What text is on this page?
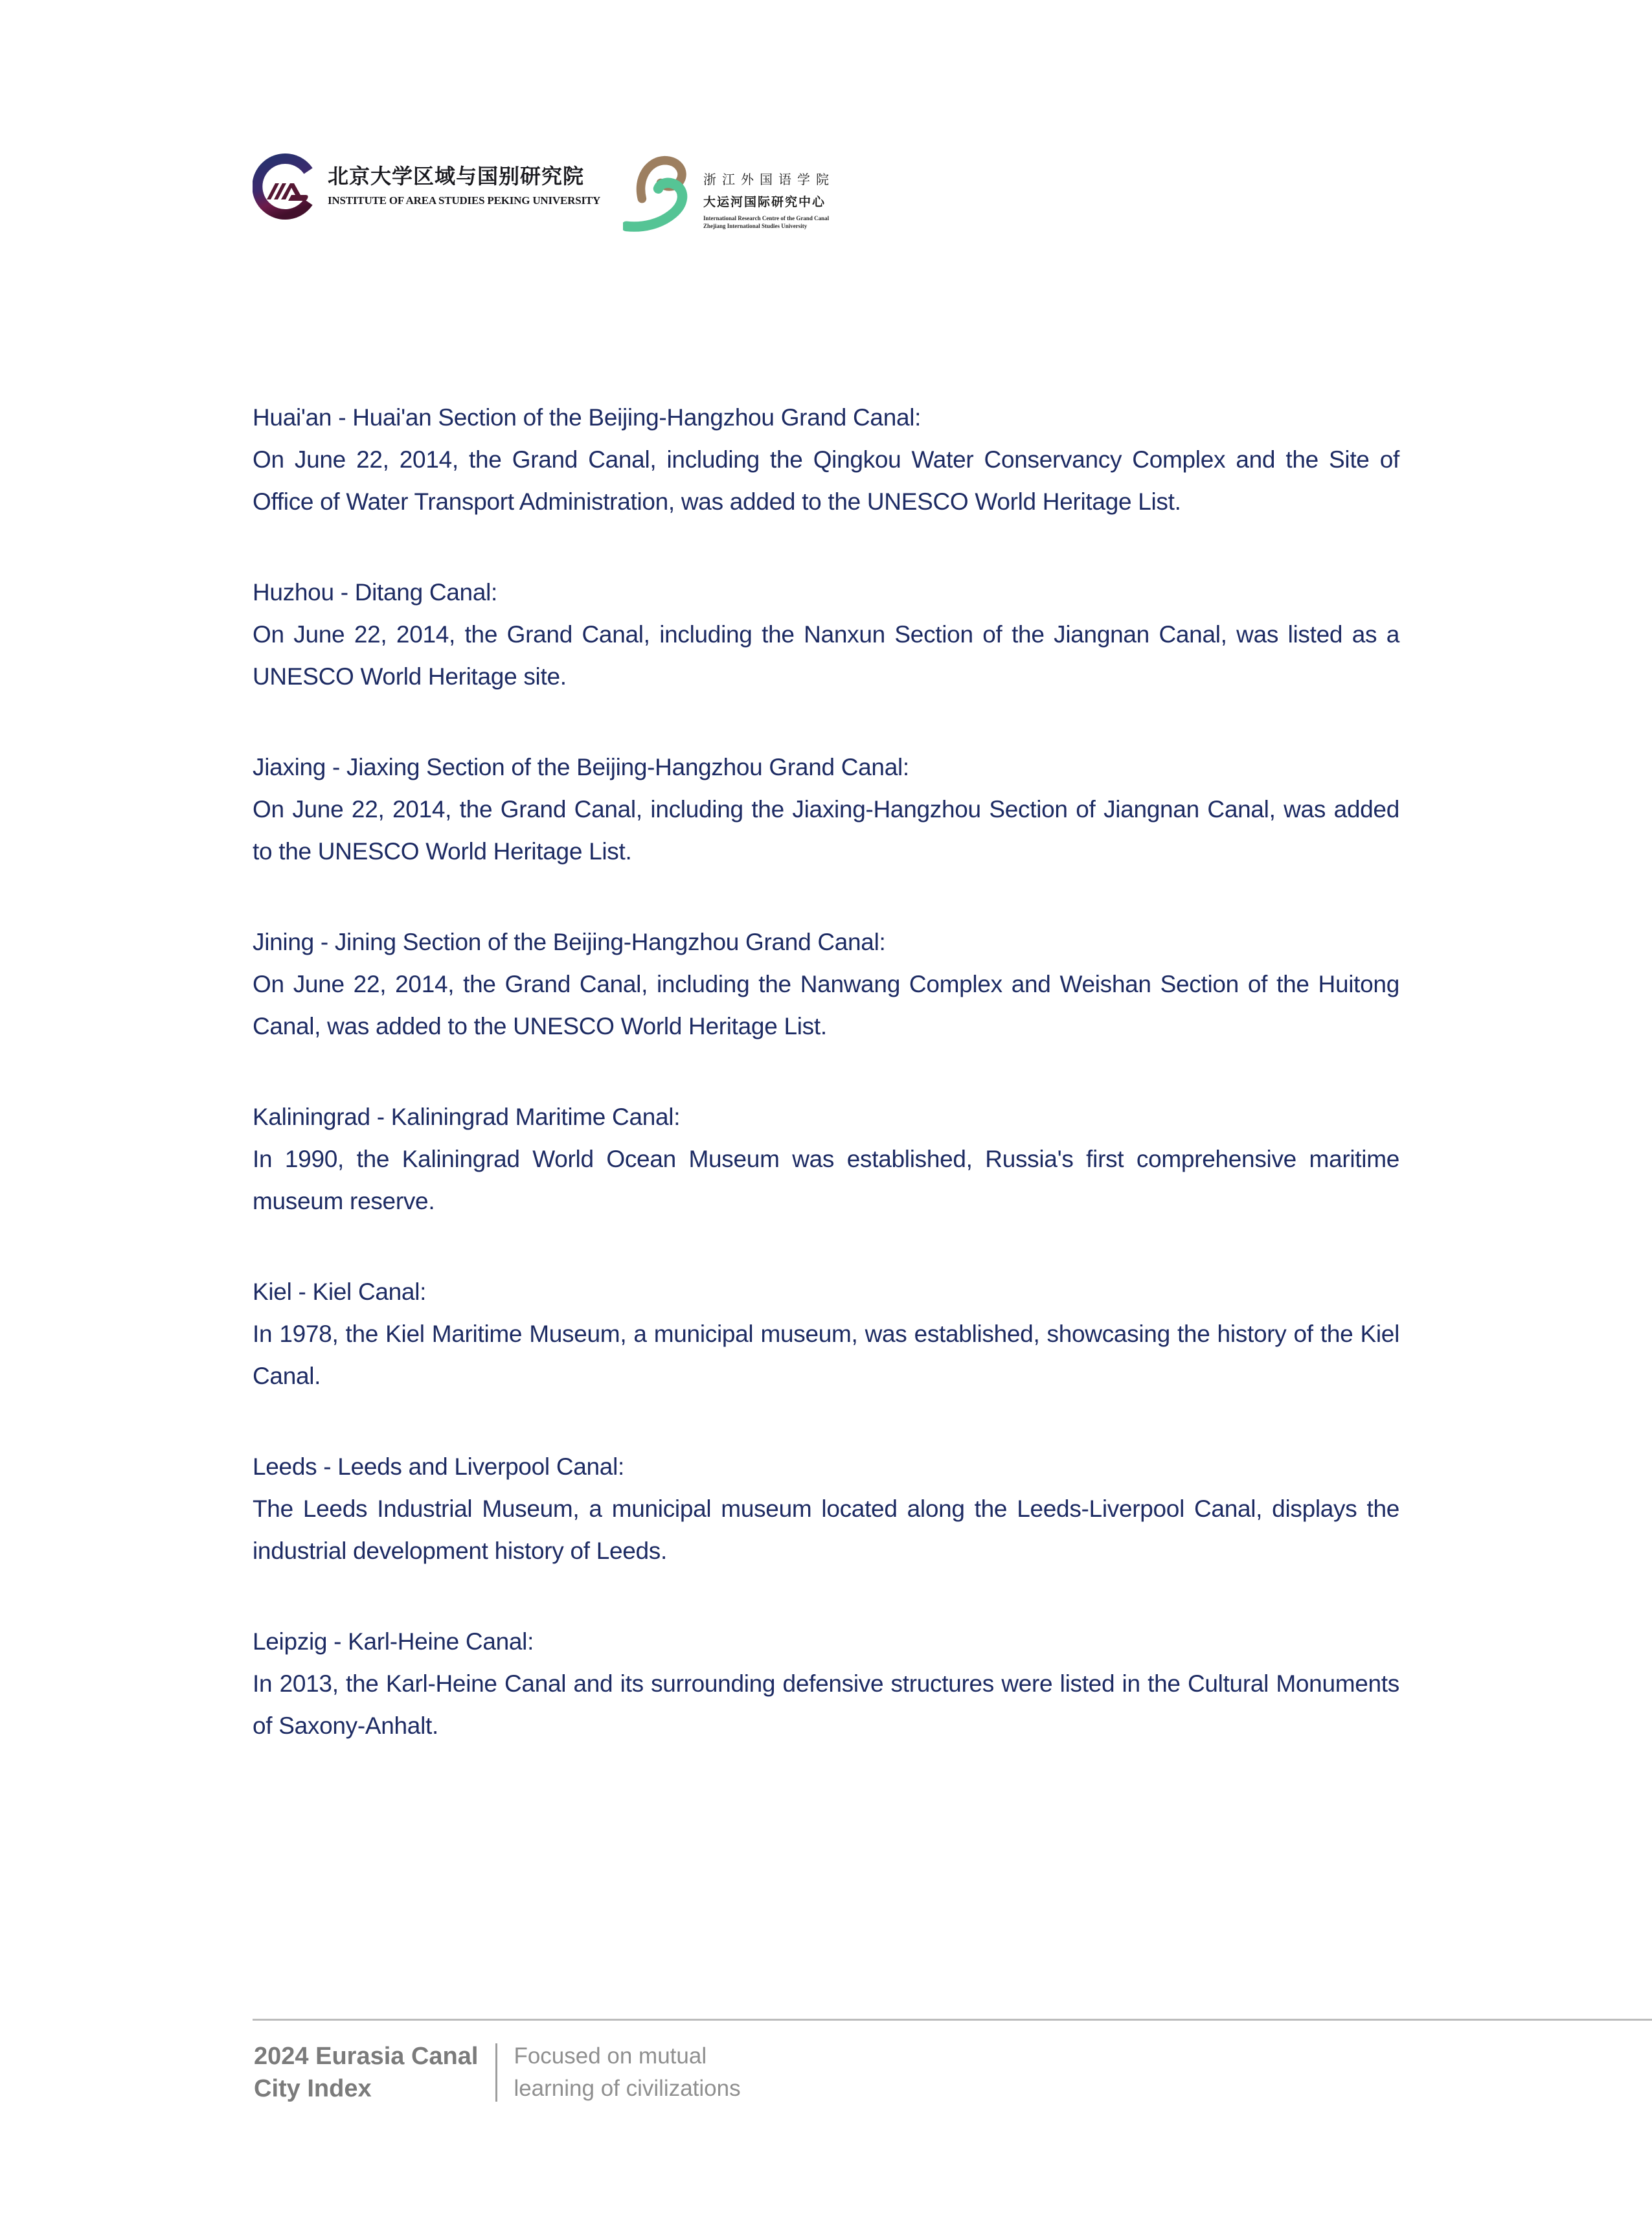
北京大学区域与国别研究院
INSTITUTE OF AREA STUDIES PEKING UNIVERSITY
浙江外国语学院
大运河国际研究中心
International Research Centre of the Grand Canal
Zhejiang International Studies University
Huai'an - Huai'an Section of the Beijing-Hangzhou Grand Canal:

On June 22, 2014, the Grand Canal, including the Qingkou Water Conservancy Complex and the Site of Office of Water Transport Administration, was added to the UNESCO World Heritage List.

Huzhou - Ditang Canal:

On June 22, 2014, the Grand Canal, including the Nanxun Section of the Jiangnan Canal, was listed as a UNESCO World Heritage site.

Jiaxing - Jiaxing Section of the Beijing-Hangzhou Grand Canal:

On June 22, 2014, the Grand Canal, including the Jiaxing-Hangzhou Section of Jiangnan Canal, was added to the UNESCO World Heritage List.

Jining - Jining Section of the Beijing-Hangzhou Grand Canal:

On June 22, 2014, the Grand Canal, including the Nanwang Complex and Weishan Section of the Huitong Canal, was added to the UNESCO World Heritage List.

Kaliningrad - Kaliningrad Maritime Canal:

In 1990, the Kaliningrad World Ocean Museum was established, Russia's first comprehensive maritime museum reserve.

Kiel - Kiel Canal:

In 1978, the Kiel Maritime Museum, a municipal museum, was established, showcasing the history of the Kiel Canal.

Leeds - Leeds and Liverpool Canal:

The Leeds Industrial Museum, a municipal museum located along the Leeds-Liverpool Canal, displays the industrial development history of Leeds.

Leipzig - Karl-Heine Canal:

In 2013, the Karl-Heine Canal and its surrounding defensive structures were listed in the Cultural Monuments of Saxony-Anhalt.

2024 Eurasia Canal
City Index
Focused on mutual
learning of civilizations
